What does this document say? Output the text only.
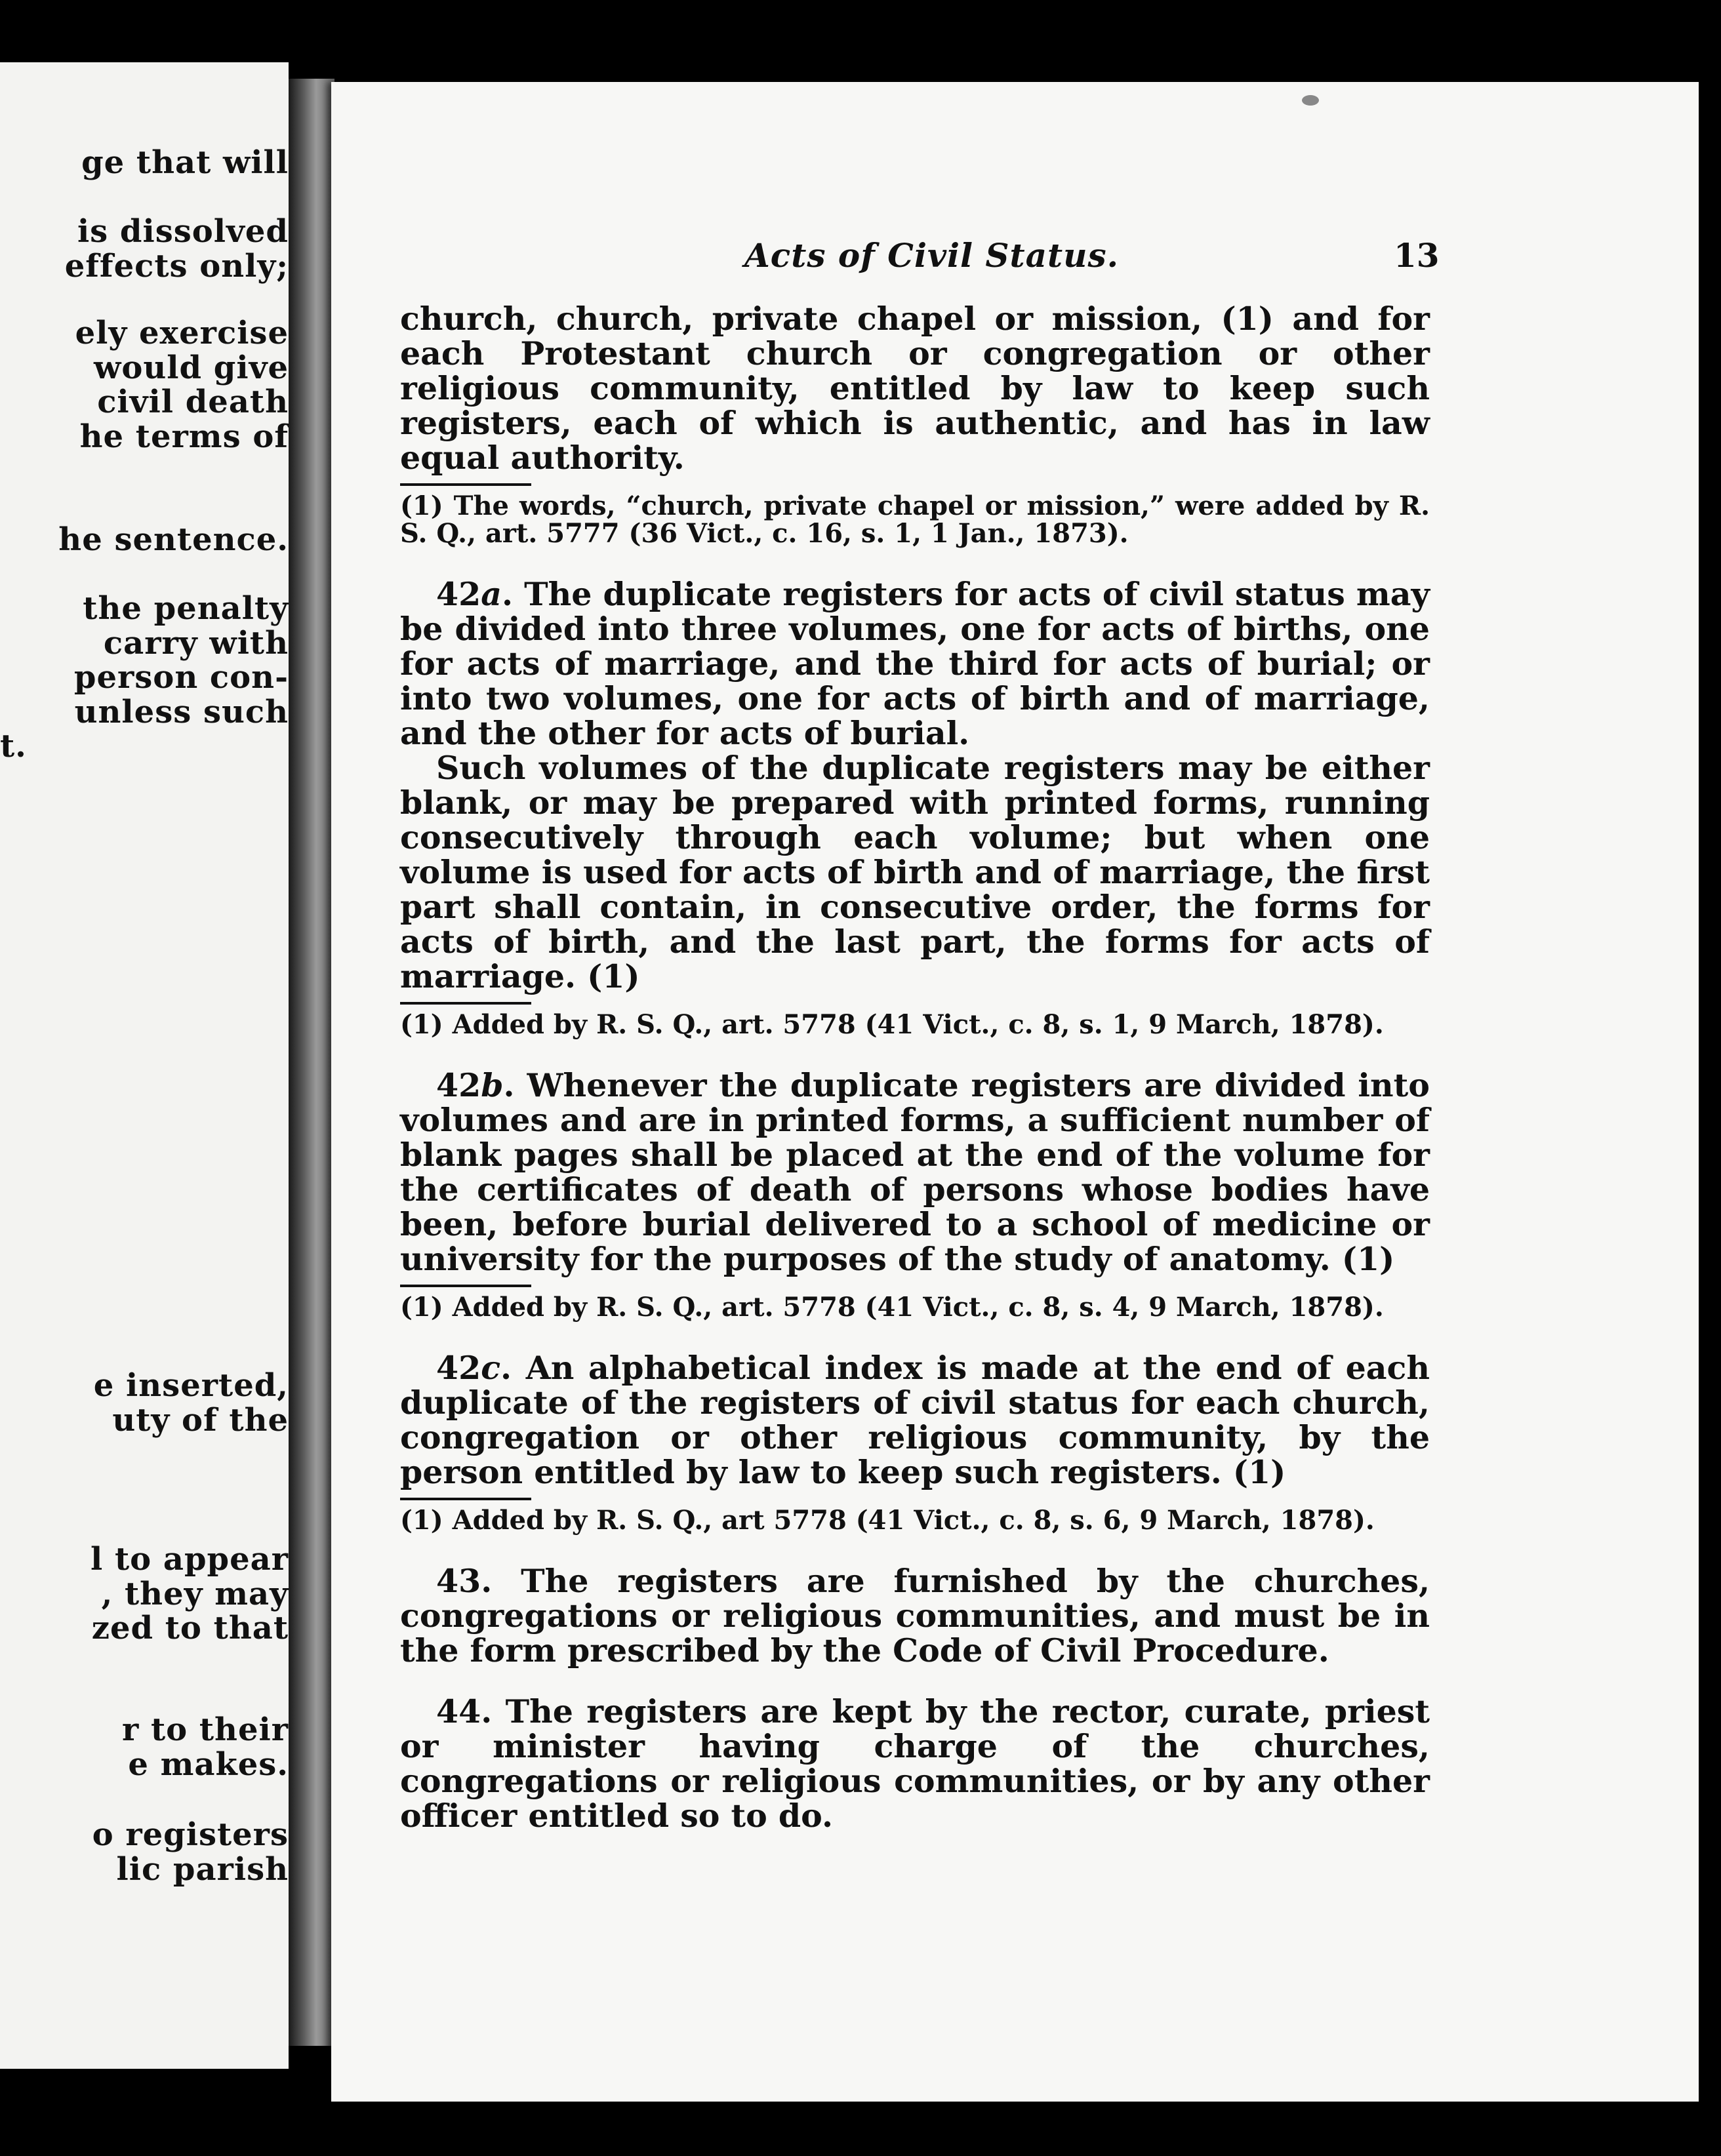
ge that will
is dissolved
effects only;
ely exercise
would give
civil death
he terms of
he sentence.
the penalty
carry with
person con-
unless such
t.
e inserted,
uty of the
l to appear
, they may
zed to that
r to their
e makes.
o registers
lic parish
Acts of Civil Status.	13

church, church, private chapel or mission, (1) and for each Protestant church or congregation or other religious community, entitled by law to keep such registers, each of which is authentic, and has in law equal authority.

(1) The words, “church, private chapel or mission,” were added by R. S. Q., art. 5777 (36 Vict., c. 16, s. 1, 1 Jan., 1873).

42a. The duplicate registers for acts of civil status may be divided into three volumes, one for acts of births, one for acts of marriage, and the third for acts of burial; or into two volumes, one for acts of birth and of marriage, and the other for acts of burial.

Such volumes of the duplicate registers may be either blank, or may be prepared with printed forms, running consecutively through each volume; but when one volume is used for acts of birth and of marriage, the first part shall contain, in consecutive order, the forms for acts of birth, and the last part, the forms for acts of marriage. (1)

(1) Added by R. S. Q., art. 5778 (41 Vict., c. 8, s. 1, 9 March, 1878).

42b. Whenever the duplicate registers are divided into volumes and are in printed forms, a sufficient number of blank pages shall be placed at the end of the volume for the certificates of death of persons whose bodies have been, before burial delivered to a school of medicine or university for the purposes of the study of anatomy. (1)

(1) Added by R. S. Q., art. 5778 (41 Vict., c. 8, s. 4, 9 March, 1878).

42c. An alphabetical index is made at the end of each duplicate of the registers of civil status for each church, congregation or other religious community, by the person entitled by law to keep such registers. (1)

(1) Added by R. S. Q., art 5778 (41 Vict., c. 8, s. 6, 9 March, 1878).

43. The registers are furnished by the churches, congregations or religious communities, and must be in the form prescribed by the Code of Civil Procedure.

44. The registers are kept by the rector, curate, priest or minister having charge of the churches, congregations or religious communities, or by any other officer entitled so to do.
